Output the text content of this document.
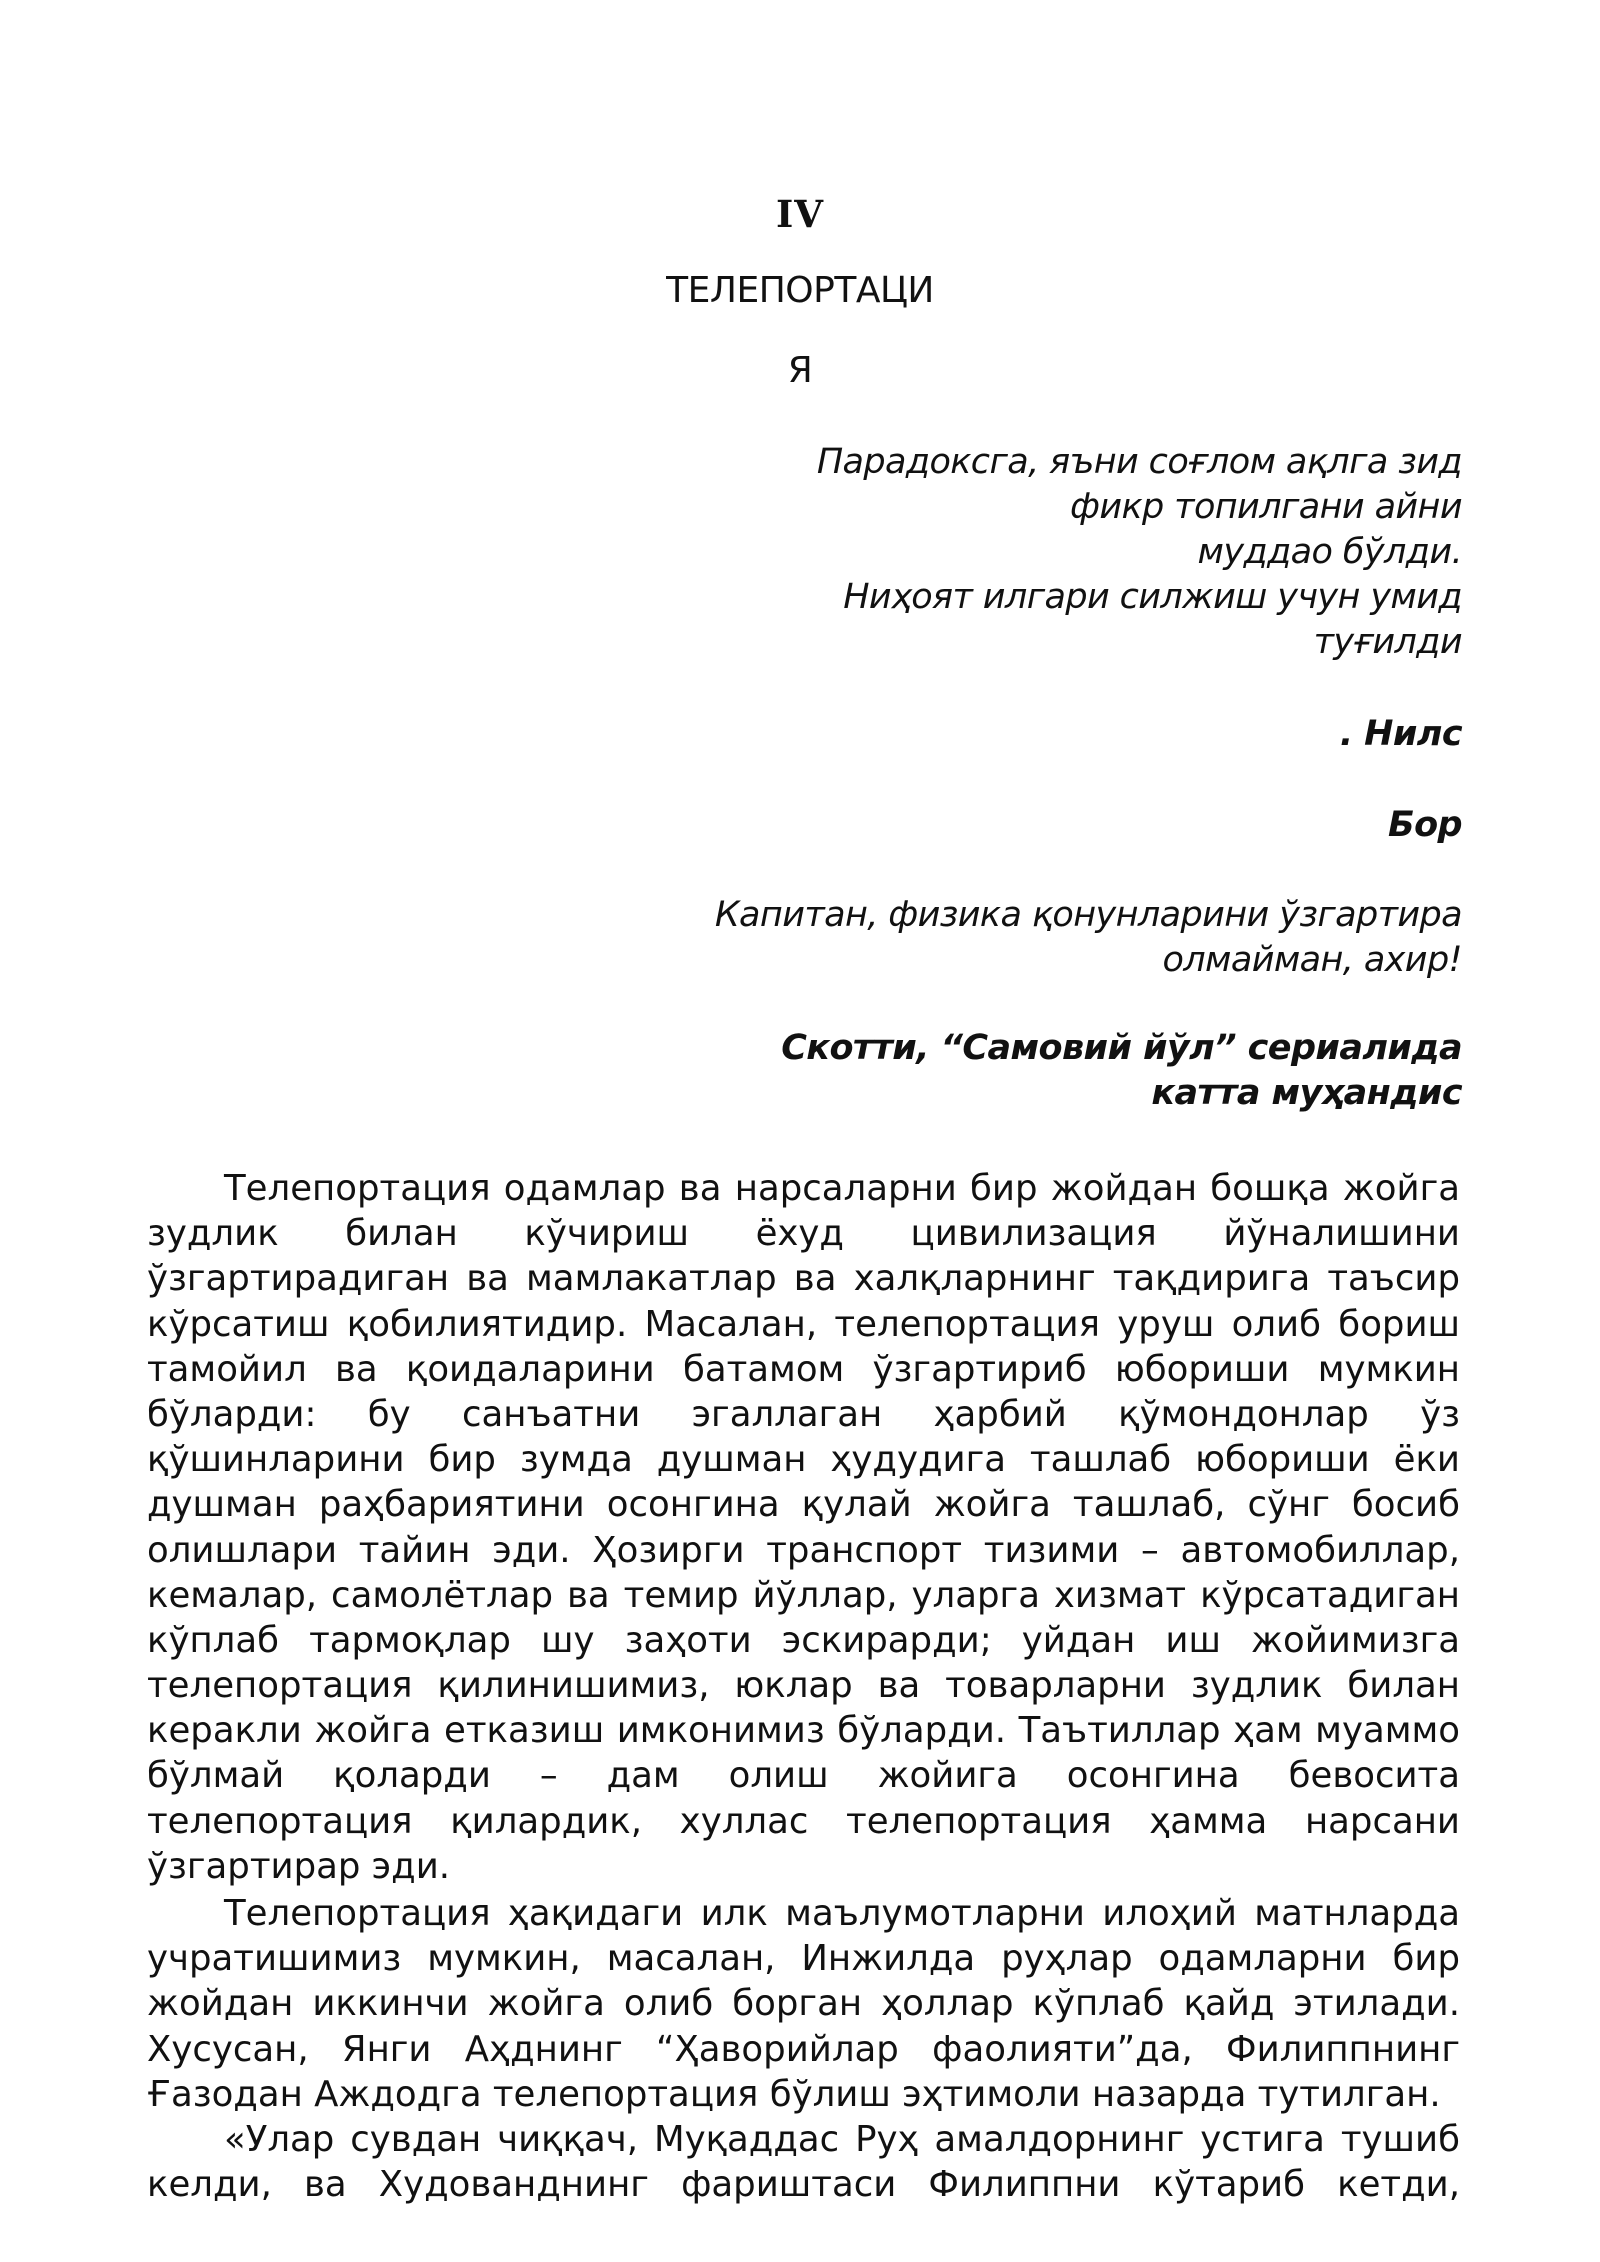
IV
ТЕЛЕПОРТАЦИ
Я
Парадоксга, яъни соғлом ақлга зид
фикр топилгани айни
муддао бўлди.
Ниҳоят илгари силжиш учун умид
туғилди
. Нилс
Бор
Капитан, физика қонунларини ўзгартира
олмайман, ахир!
Скотти, “Самовий йўл” сериалида
катта муҳандис
Телепортация одамлар ва нарсаларни бир жойдан бошқа жойга
зудлик билан кўчириш ёхуд цивилизация йўналишини
ўзгартирадиган ва мамлакатлар ва халқларнинг тақдирига таъсир
кўрсатиш қобилиятидир. Масалан, телепортация уруш олиб бориш
тамойил ва қоидаларини батамом ўзгартириб юбориши мумкин
бўларди: бу санъатни эгаллаган ҳарбий қўмондонлар ўз
қўшинларини бир зумда душман ҳудудига ташлаб юбориши ёки
душман раҳбариятини осонгина қулай жойга ташлаб, сўнг босиб
олишлари тайин эди. Ҳозирги транспорт тизими – автомобиллар,
кемалар, самолётлар ва темир йўллар, уларга хизмат кўрсатадиган
кўплаб тармоқлар шу заҳоти эскирарди; уйдан иш жойимизга
телепортация қилинишимиз, юклар ва товарларни зудлик билан
керакли жойга етказиш имконимиз бўларди. Таътиллар ҳам муаммо
бўлмай қоларди – дам олиш жойига осонгина бевосита
телепортация қилардик, хуллас телепортация ҳамма нарсани
ўзгартирар эди.
Телепортация ҳақидаги илк маълумотларни илоҳий матнларда
учратишимиз мумкин, масалан, Инжилда руҳлар одамларни бир
жойдан иккинчи жойга олиб борган ҳоллар кўплаб қайд этилади.
Хусусан, Янги Аҳднинг “Ҳаворийлар фаолияти”да, Филиппнинг
Ғазодан Аждодга телепортация бўлиш эҳтимоли назарда тутилган.
«Улар сувдан чиққач, Муқаддас Руҳ амалдорнинг устига тушиб
келди, ва Худованднинг фариштаси Филиппни кўтариб кетди,
